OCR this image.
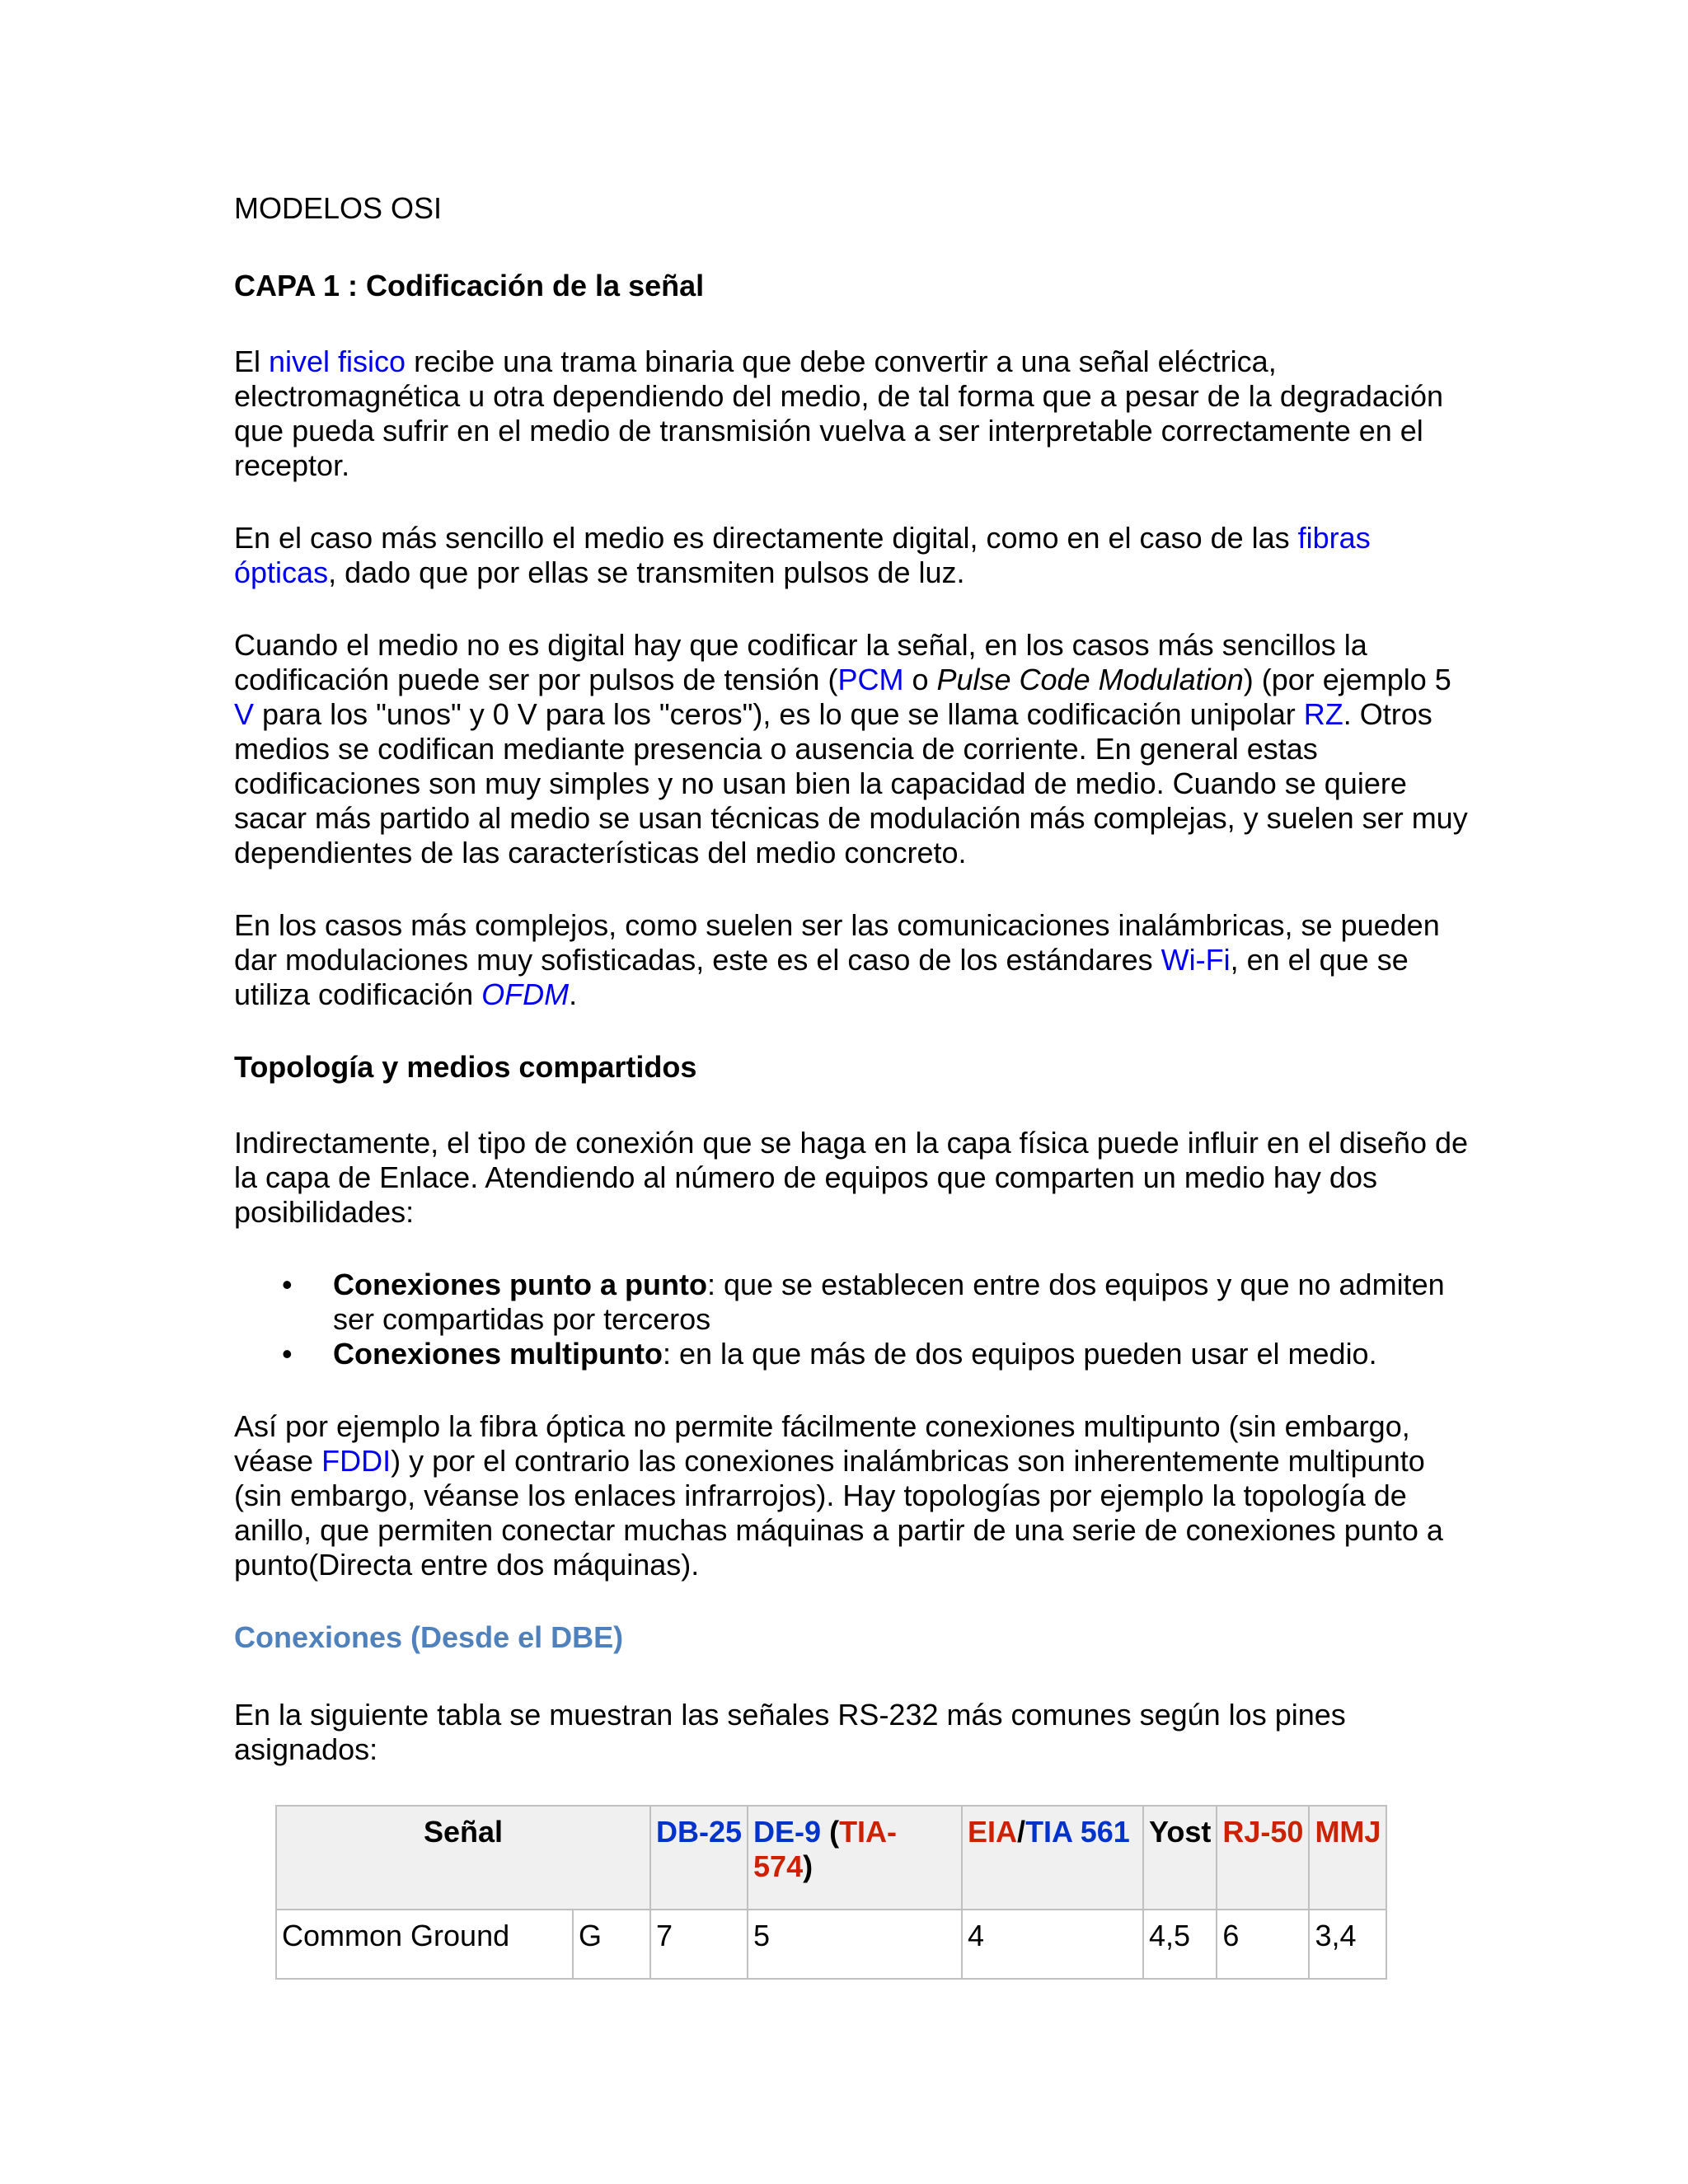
MODELOS OSI

CAPA 1 : Codificación de la señal

El nivel fisico recibe una trama binaria que debe convertir a una señal eléctrica, electromagnética u otra dependiendo del medio, de tal forma que a pesar de la degradación que pueda sufrir en el medio de transmisión vuelva a ser interpretable correctamente en el receptor.

En el caso más sencillo el medio es directamente digital, como en el caso de las fibras ópticas, dado que por ellas se transmiten pulsos de luz.

Cuando el medio no es digital hay que codificar la señal, en los casos más sencillos la codificación puede ser por pulsos de tensión (PCM o Pulse Code Modulation) (por ejemplo 5 V para los "unos" y 0 V para los "ceros"), es lo que se llama codificación unipolar RZ. Otros medios se codifican mediante presencia o ausencia de corriente. En general estas codificaciones son muy simples y no usan bien la capacidad de medio. Cuando se quiere sacar más partido al medio se usan técnicas de modulación más complejas, y suelen ser muy dependientes de las características del medio concreto.

En los casos más complejos, como suelen ser las comunicaciones inalámbricas, se pueden dar modulaciones muy sofisticadas, este es el caso de los estándares Wi-Fi, en el que se utiliza codificación OFDM.

Topología y medios compartidos

Indirectamente, el tipo de conexión que se haga en la capa física puede influir en el diseño de la capa de Enlace. Atendiendo al número de equipos que comparten un medio hay dos posibilidades:

• Conexiones punto a punto: que se establecen entre dos equipos y que no admiten ser compartidas por terceros
• Conexiones multipunto: en la que más de dos equipos pueden usar el medio.

Así por ejemplo la fibra óptica no permite fácilmente conexiones multipunto (sin embargo, véase FDDI) y por el contrario las conexiones inalámbricas son inherentemente multipunto (sin embargo, véanse los enlaces infrarrojos). Hay topologías por ejemplo la topología de anillo, que permiten conectar muchas máquinas a partir de una serie de conexiones punto a punto(Directa entre dos máquinas).

Conexiones (Desde el DBE)

En la siguiente tabla se muestran las señales RS-232 más comunes según los pines asignados:

Señal		DB-25	DE-9 (TIA-574)	EIA/TIA 561	Yost	RJ-50	MMJ
Common Ground	G	7	5	4	4,5	6	3,4
